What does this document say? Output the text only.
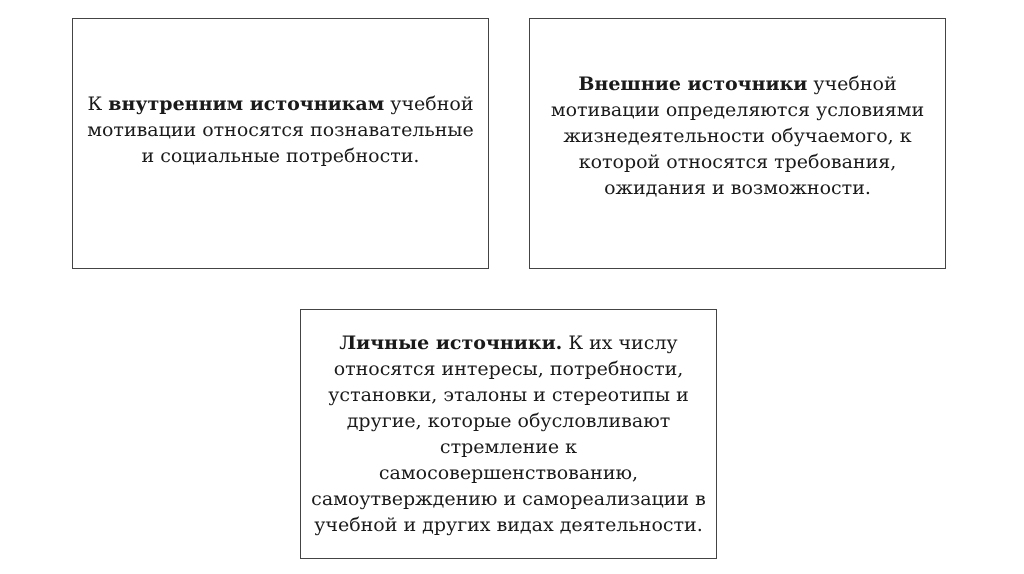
К внутренним источникам учебной мотивации относятся познавательные и социальные потребности.

Внешние источники учебной мотивации определяются условиями жизнедеятельности обучаемого, к которой относятся требования, ожидания и возможности.

Личные источники. К их числу относятся интересы, потребности, установки, эталоны и стереотипы и другие, которые обусловливают стремление к самосовершенствованию, самоутверждению и самореализации в учебной и других видах деятельности.
